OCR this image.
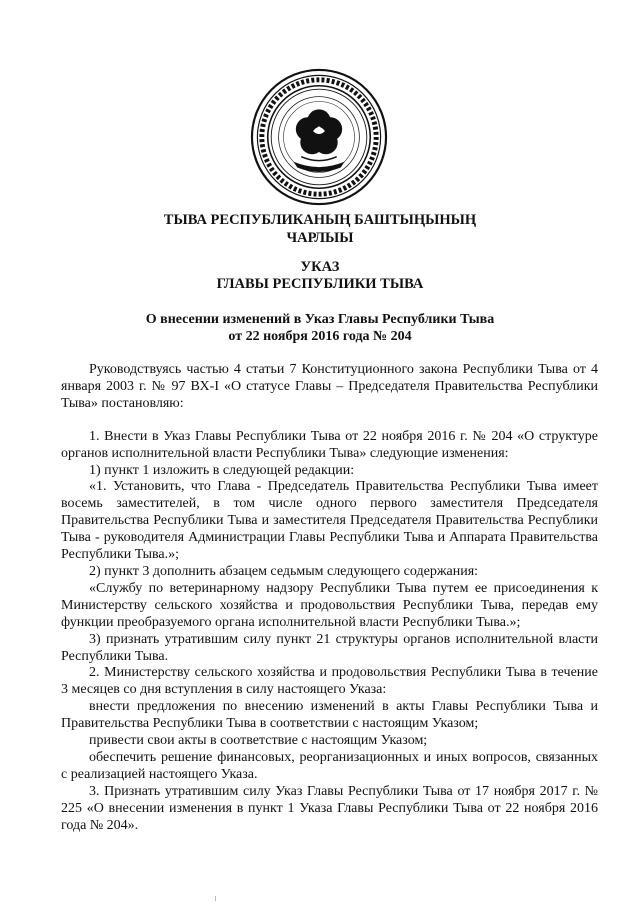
ТЫВА РЕСПУБЛИКАНЫҢ БАШТЫҢЫНЫҢ
ЧАРЛЫЫ
УКАЗ
ГЛАВЫ РЕСПУБЛИКИ ТЫВА
О внесении изменений в Указ Главы Республики Тыва
от 22 ноября 2016 года № 204

Руководствуясь частью 4 статьи 7 Конституционного закона Республики Тыва от 4 января 2003 г. № 97 ВХ-I «О статусе Главы – Председателя Правительства Республики Тыва» постановляю:

1. Внести в Указ Главы Республики Тыва от 22 ноября 2016 г. № 204 «О структуре органов исполнительной власти Республики Тыва» следующие изменения:

1) пункт 1 изложить в следующей редакции:

«1. Установить, что Глава - Председатель Правительства Республики Тыва имеет восемь заместителей, в том числе одного первого заместителя Председателя Правительства Республики Тыва и заместителя Председателя Правительства Республики Тыва - руководителя Администрации Главы Республики Тыва и Аппарата Правительства Республики Тыва.»;

2) пункт 3 дополнить абзацем седьмым следующего содержания:

«Службу по ветеринарному надзору Республики Тыва путем ее присоединения к Министерству сельского хозяйства и продовольствия Республики Тыва, передав ему функции преобразуемого органа исполнительной власти Республики Тыва.»;

3) признать утратившим силу пункт 21 структуры органов исполнительной власти Республики Тыва.

2. Министерству сельского хозяйства и продовольствия Республики Тыва в течение 3 месяцев со дня вступления в силу настоящего Указа:

внести предложения по внесению изменений в акты Главы Республики Тыва и Правительства Республики Тыва в соответствии с настоящим Указом;

привести свои акты в соответствие с настоящим Указом;

обеспечить решение финансовых, реорганизационных и иных вопросов, связанных с реализацией настоящего Указа.

3. Признать утратившим силу Указ Главы Республики Тыва от 17 ноября 2017 г. № 225 «О внесении изменения в пункт 1 Указа Главы Республики Тыва от 22 ноября 2016 года № 204».
